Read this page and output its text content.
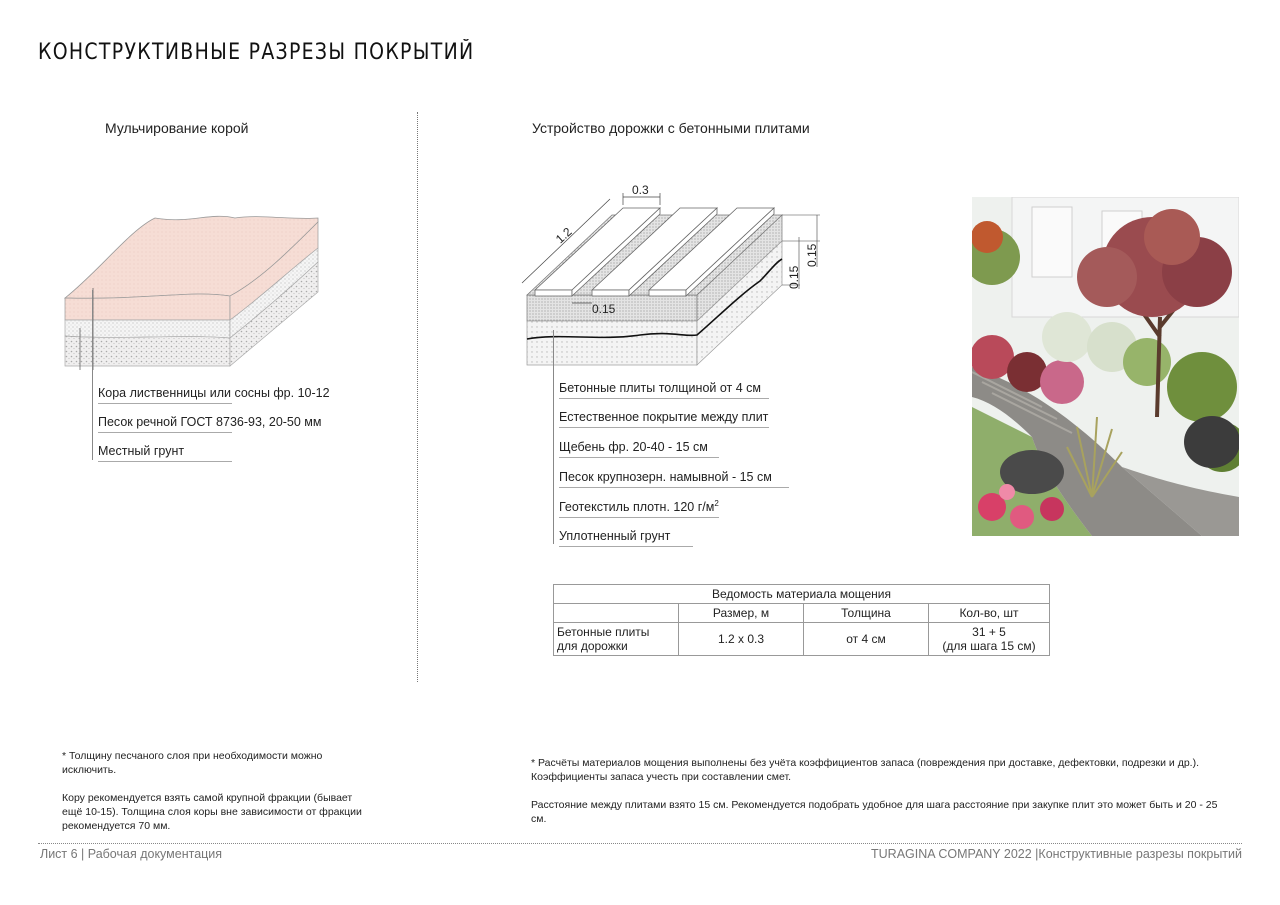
КОНСТРУКТИВНЫЕ РАЗРЕЗЫ ПОКРЫТИЙ
Мульчирование корой
Кора лиственницы или сосны фр. 10-12
Песок речной ГОСТ 8736-93, 20-50 мм
Местный грунт
Устройство дорожки с бетонными плитами
0.3
1.2
0.15
0.15
0.15
Бетонные плиты толщиной от 4 см
Естественное покрытие между плит
Щебень фр. 20-40 - 15 см
Песок крупнозерн. намывной - 15 см
Геотекстиль плотн. 120 $г/м^2$
Уплотненный грунт
Ведомость материала мощения			
	Размер, м	Толщина	Кол-во, шт
Бетонные плиты
для дорожки	1.2 x 0.3	от 4 см	31 + 5
(для шага 15 см)
* Толщину песчаного слоя при необходимости можно исключить.
Кору рекомендуется взять самой крупной фракции (бывает ещё 10-15). Толщина слоя коры вне зависимости от фракции рекомендуется 70 мм.
* Расчёты материалов мощения выполнены без учёта коэффициентов запаса (повреждения при доставке, дефектовки, подрезки и др.). Коэффициенты запаса учесть при составлении смет.
Расстояние между плитами взято 15 см. Рекомендуется подобрать удобное для шага расстояние при закупке плит это может быть и 20 - 25 см.
Лист 6 | Рабочая документация	TURAGINA COMPANY 2022 |Конструктивные разрезы покрытий
